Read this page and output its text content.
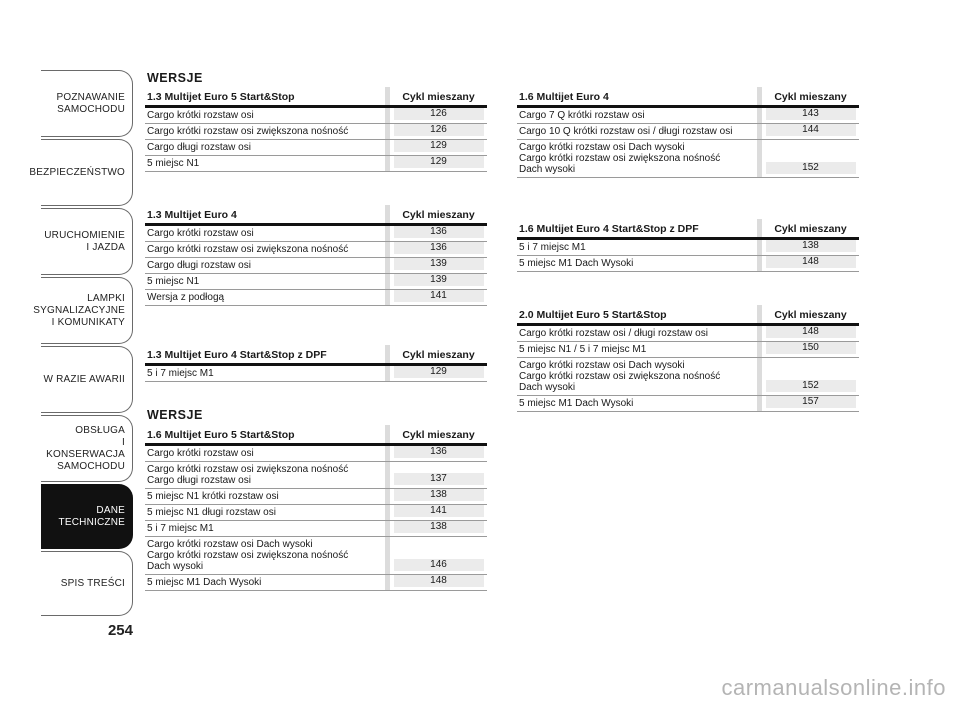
POZNAWANIE
SAMOCHODU
BEZPIECZEŃSTWO
URUCHOMIENIE
I JAZDA
LAMPKI
SYGNALIZACYJNE
I KOMUNIKATY
W RAZIE AWARII
OBSŁUGA
I KONSERWACJA
SAMOCHODU
DANE
TECHNICZNE
SPIS TREŚCI
254
WERSJE
WERSJE
1.3 Multijet Euro 5 Start&Stop	Cykl mieszany
Cargo krótki rozstaw osi	126
Cargo krótki rozstaw osi zwiększona nośność	126
Cargo długi rozstaw osi	129
5 miejsc N1	129
1.3 Multijet Euro 4	Cykl mieszany
Cargo krótki rozstaw osi	136
Cargo krótki rozstaw osi zwiększona nośność	136
Cargo długi rozstaw osi	139
5 miejsc N1	139
Wersja z podłogą	141
1.3 Multijet Euro 4 Start&Stop z DPF	Cykl mieszany
5 i 7 miejsc M1	129
1.6 Multijet Euro 5 Start&Stop	Cykl mieszany
Cargo krótki rozstaw osi	136
Cargo krótki rozstaw osi zwiększona nośność
Cargo długi rozstaw osi	137
5 miejsc N1 krótki rozstaw osi	138
5 miejsc N1 długi rozstaw osi	141
5 i 7 miejsc M1	138
Cargo krótki rozstaw osi Dach wysoki
Cargo krótki rozstaw osi zwiększona nośność
Dach wysoki	146
5 miejsc M1 Dach Wysoki	148
1.6 Multijet Euro 4	Cykl mieszany
Cargo 7 Q krótki rozstaw osi	143
Cargo 10 Q krótki rozstaw osi / długi rozstaw osi	144
Cargo krótki rozstaw osi Dach wysoki
Cargo krótki rozstaw osi zwiększona nośność
Dach wysoki	152
1.6 Multijet Euro 4 Start&Stop z DPF	Cykl mieszany
5 i 7 miejsc M1	138
5 miejsc M1 Dach Wysoki	148
2.0 Multijet Euro 5 Start&Stop	Cykl mieszany
Cargo krótki rozstaw osi / długi rozstaw osi	148
5 miejsc N1 / 5 i 7 miejsc M1	150
Cargo krótki rozstaw osi Dach wysoki
Cargo krótki rozstaw osi zwiększona nośność
Dach wysoki	152
5 miejsc M1 Dach Wysoki	157
carmanualsonline.info
